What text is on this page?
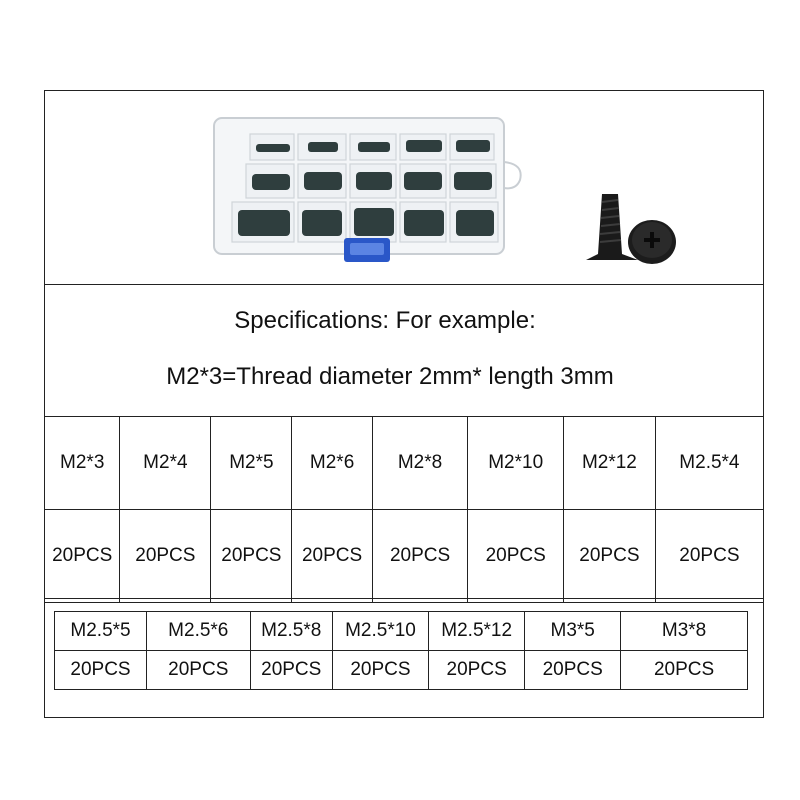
Specifications: For example:
M2*3=Thread diameter 2mm* length 3mm
M2*3	M2*4	M2*5	M2*6	M2*8	M2*10	M2*12	M2.5*4
20PCS	20PCS	20PCS	20PCS	20PCS	20PCS	20PCS	20PCS
M2.5*5	M2.5*6	M2.5*8	M2.5*10	M2.5*12	M3*5	M3*8
20PCS	20PCS	20PCS	20PCS	20PCS	20PCS	20PCS
